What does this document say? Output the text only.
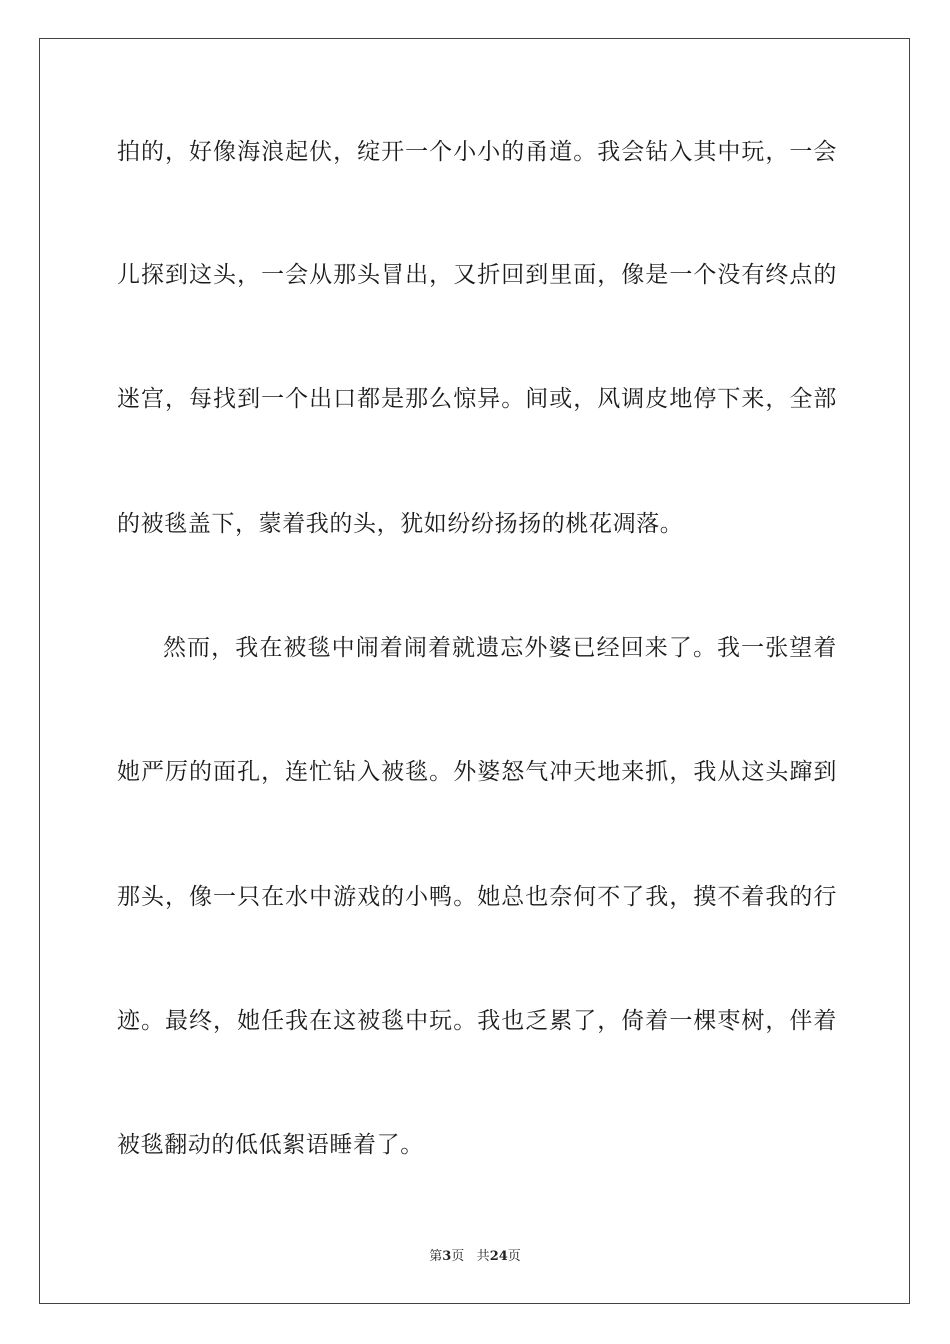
拍的，好像海浪起伏，绽开一个小小的甬道。我会钻入其中玩，一会
儿探到这头，一会从那头冒出，又折回到里面，像是一个没有终点的
迷宫，每找到一个出口都是那么惊异。间或，风调皮地停下来，全部
的被毯盖下，蒙着我的头，犹如纷纷扬扬的桃花凋落。
然而，我在被毯中闹着闹着就遗忘外婆已经回来了。我一张望着
她严厉的面孔，连忙钻入被毯。外婆怒气冲天地来抓，我从这头蹿到
那头，像一只在水中游戏的小鸭。她总也奈何不了我，摸不着我的行
迹。最终，她任我在这被毯中玩。我也乏累了，倚着一棵枣树，伴着
被毯翻动的低低絮语睡着了。
第3页 共24页
